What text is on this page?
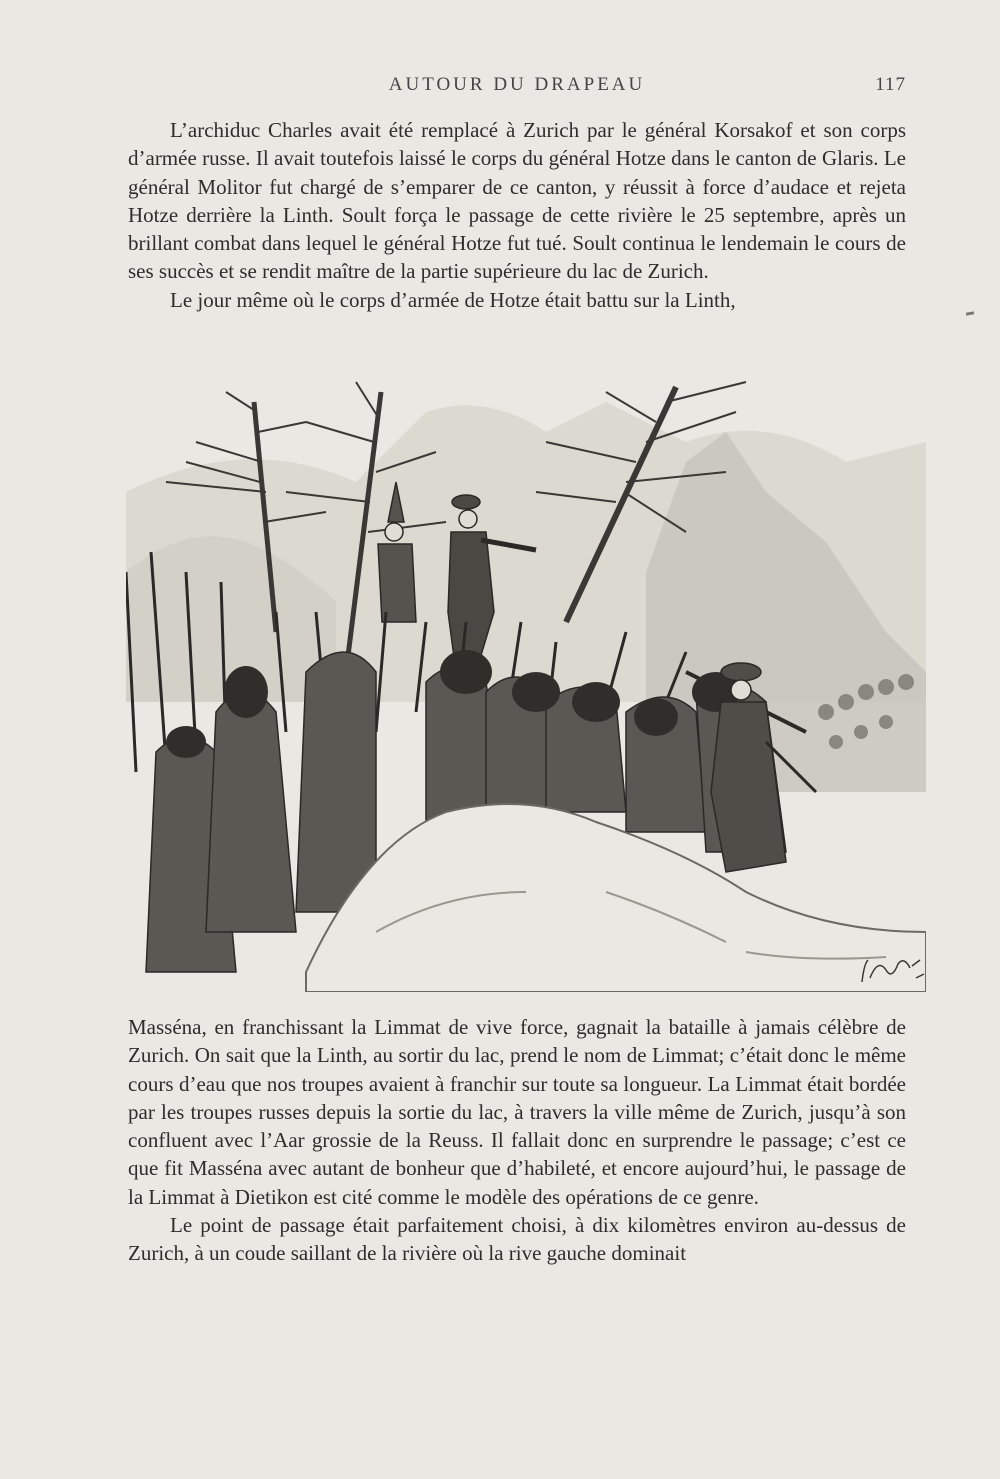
AUTOUR DU DRAPEAU	117

L’archiduc Charles avait été remplacé à Zurich par le général Korsakof et son corps d’armée russe. Il avait toutefois laissé le corps du général Hotze dans le canton de Glaris. Le général Molitor fut chargé de s’emparer de ce canton, y réussit à force d’audace et rejeta Hotze derrière la Linth. Soult força le passage de cette rivière le 25 septembre, après un brillant combat dans lequel le général Hotze fut tué. Soult continua le lendemain le cours de ses succès et se rendit maître de la partie supérieure du lac de Zurich.

Le jour même où le corps d’armée de Hotze était battu sur la Linth,

Masséna, en franchissant la Limmat de vive force, gagnait la bataille à jamais célèbre de Zurich. On sait que la Linth, au sortir du lac, prend le nom de Limmat; c’était donc le même cours d’eau que nos troupes avaient à franchir sur toute sa longueur. La Limmat était bordée par les troupes russes depuis la sortie du lac, à travers la ville même de Zurich, jusqu’à son confluent avec l’Aar grossie de la Reuss. Il fallait donc en surprendre le passage; c’est ce que fit Masséna avec autant de bonheur que d’habileté, et encore aujourd’hui, le passage de la Limmat à Dietikon est cité comme le modèle des opérations de ce genre.

Le point de passage était parfaitement choisi, à dix kilomètres environ au-dessus de Zurich, à un coude saillant de la rivière où la rive gauche dominait
